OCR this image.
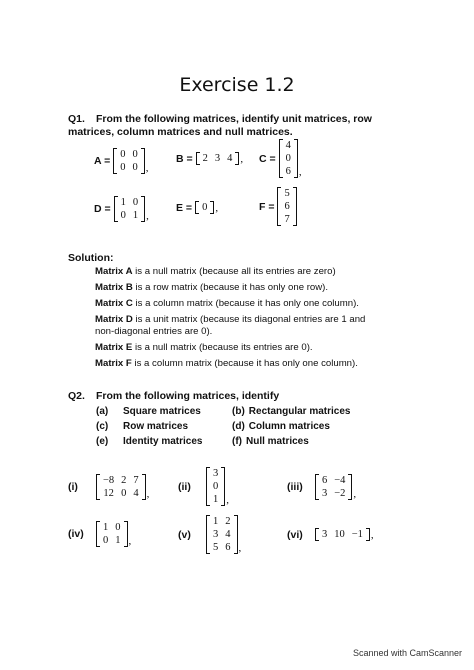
Exercise 1.2
Q1.	From the following matrices, identify unit matrices, row matrices, column matrices and null matrices.
A =
0 0
0 0 ,
B = 2 3 4 , C =
4
0
6 ,
D =
1 0
0 1 ,
E = 0 ,	F =
5
6
7
Solution:
Matrix A is a null matrix (because all its entries are zero)
Matrix B is a row matrix (because it has only one row).
Matrix C is a column matrix (because it has only one column).
Matrix D is a unit matrix (because its diagonal entries are 1 and non-diagonal entries are 0).
Matrix E is a null matrix (because its entries are 0).
Matrix F is a column matrix (because it has only one column).
Q2. From the following matrices, identify
(a) Square matrices	(b) Rectangular matrices
(c) Row matrices	(d) Column matrices
(e) Identity matrices	(f) Null matrices
(i)
−8 2 7
12 0 4 ,
(ii)
3
0
1 ,
(iii)
6 −4
3 −2 ,
(iv)
1 0
0 1 ,
(v)
1 2
3 4
5 6 ,
(vi)	3 10 −1 ,
Scanned with CamScanner
